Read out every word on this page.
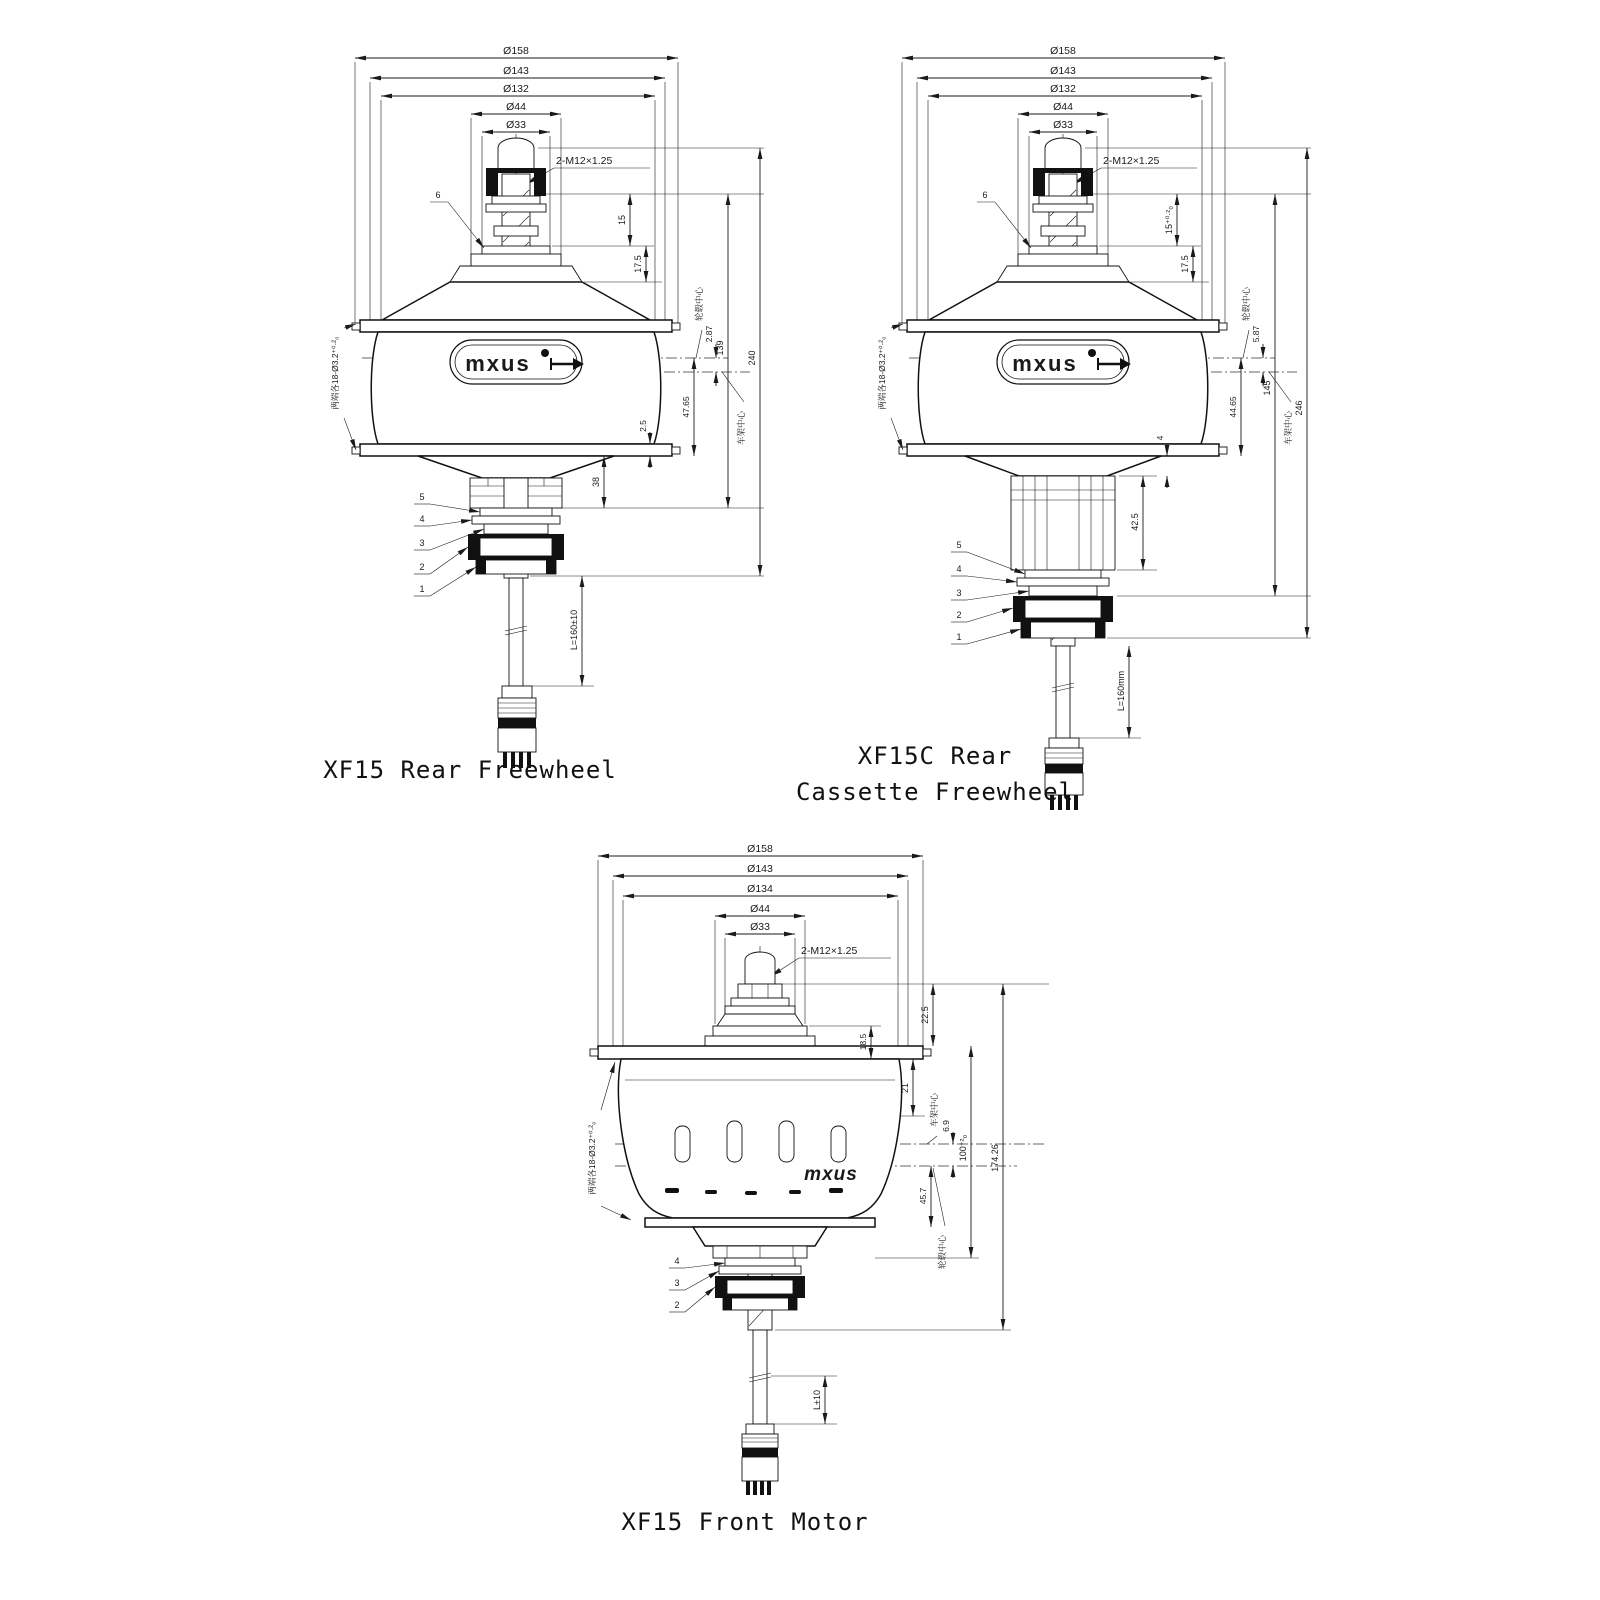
Ø158
Ø143
Ø132
Ø44
Ø33
2-M12×1.25
6
mxus
5
4
3
2
1
15
17.5
2.5
38
139
240
L=160±10
轮毂中心
2.87
47.65
车架中心
两端各18-Ø3.2⁺⁰·²₀
XF15 Rear Freewheel
Ø158
Ø143
Ø132
Ø44
Ø33
2-M12×1.25
6
mxus
5
4
3
2
1
15⁺⁰·²₀
17.5
4
42.5
145
246
L=160mm
轮毂中心
5.87
44.65
车架中心
两端各18-Ø3.2⁺⁰·²₀
XF15C Rear
Cassette Freewheel
Ø158
Ø143
Ø134
Ø44
Ø33
2-M12×1.25
mxus
4
3
2
22.5
18.5
21
6.9
45.7
100⁺²₀ 174.26
L±10
车架中心
轮毂中心
两端各18-Ø3.2⁺⁰·²₀
XF15 Front Motor
